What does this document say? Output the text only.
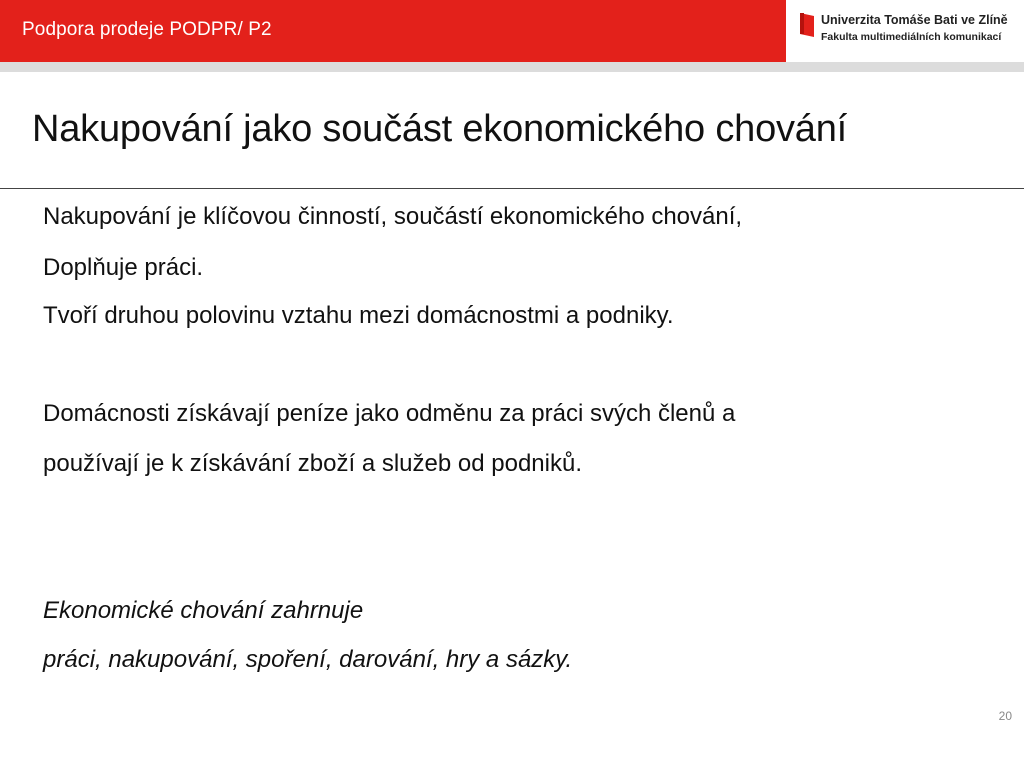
Podpora prodeje PODPR/ P2	Univerzita Tomáše Bati ve Zlíně
Fakulta multimediálních komunikací
Nakupování jako součást ekonomického chování
Nakupování je klíčovou činností, součástí ekonomického chování,
Doplňuje práci.
Tvoří druhou polovinu vztahu mezi domácnostmi a podniky.
Domácnosti získávají peníze jako odměnu za práci svých členů a
používají je k získávání zboží a služeb od podniků.
Ekonomické chování zahrnuje
práci, nakupování, spoření, darování, hry a sázky.
20
